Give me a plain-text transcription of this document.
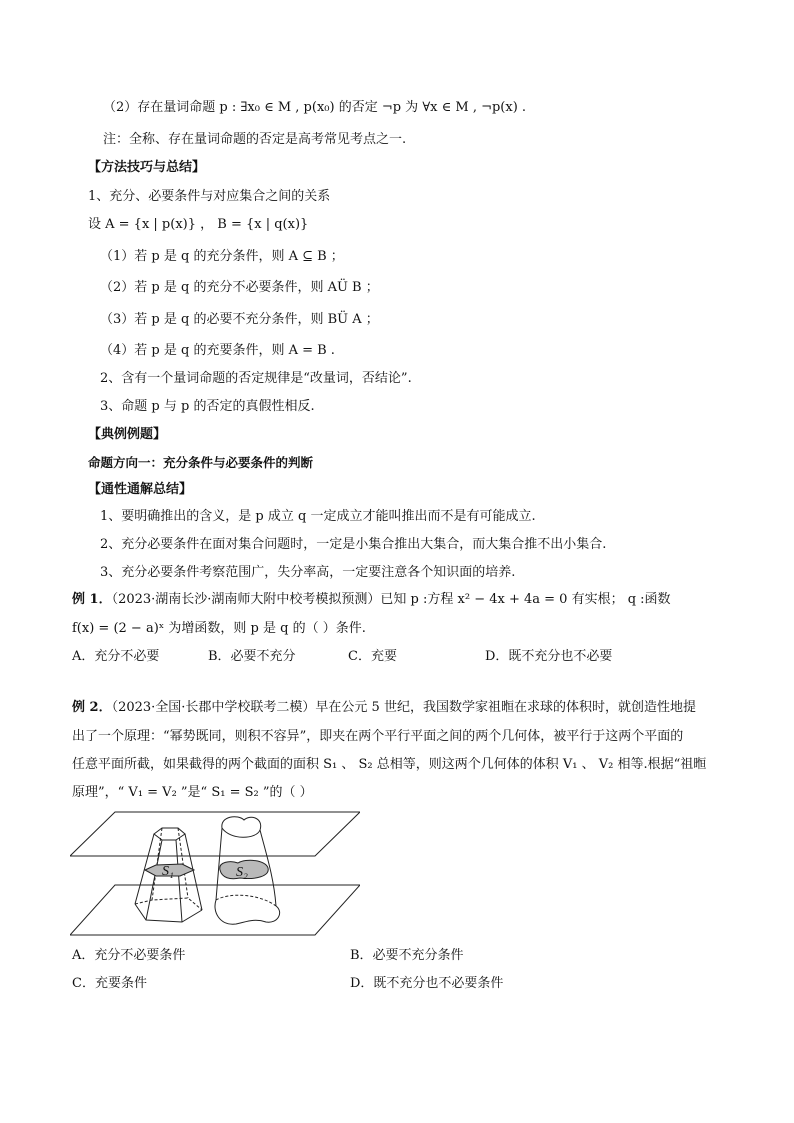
（2）存在量词命题 p : ∃x₀ ∈ M , p(x₀) 的否定 ¬p 为 ∀x ∈ M , ¬p(x) .
注：全称、存在量词命题的否定是高考常见考点之一.
【方法技巧与总结】
1、充分、必要条件与对应集合之间的关系
设 A = {x | p(x)} ， B = {x | q(x)}
（1）若 p 是 q 的充分条件，则 A ⊆ B ；
（2）若 p 是 q 的充分不必要条件，则 AÜ B ；
（3）若 p 是 q 的必要不充分条件，则 BÜ A ；
（4）若 p 是 q 的充要条件，则 A = B .
2、含有一个量词命题的否定规律是“改量词，否结论”.
3、命题 p 与 p 的否定的真假性相反.
【典例例题】
命题方向一：充分条件与必要条件的判断
【通性通解总结】
1、要明确推出的含义，是 p 成立 q 一定成立才能叫推出而不是有可能成立.
2、充分必要条件在面对集合问题时，一定是小集合推出大集合，而大集合推不出小集合.
3、充分必要条件考察范围广，失分率高，一定要注意各个知识面的培养.
例 1．（2023·湖南长沙·湖南师大附中校考模拟预测）已知 p :方程 x² − 4x + 4a = 0 有实根； q :函数
f(x) = (2 − a)ˣ 为增函数，则 p 是 q 的（ ）条件.
A．充分不必要	B．必要不充分	C．充要	D．既不充分也不必要
例 2．（2023·全国·长郡中学校联考二模）早在公元 5 世纪，我国数学家祖暅在求球的体积时，就创造性地提
出了一个原理：“幂势既同，则积不容异”，即夹在两个平行平面之间的两个几何体，被平行于这两个平面的
任意平面所截，如果截得的两个截面的面积 S₁ 、 S₂ 总相等，则这两个几何体的体积 V₁ 、 V₂ 相等.根据“祖暅
原理”，“ V₁ = V₂ ”是“ S₁ = S₂ ”的（ ）
S₁	S₂
A．充分不必要条件	B．必要不充分条件
C．充要条件	D．既不充分也不必要条件
